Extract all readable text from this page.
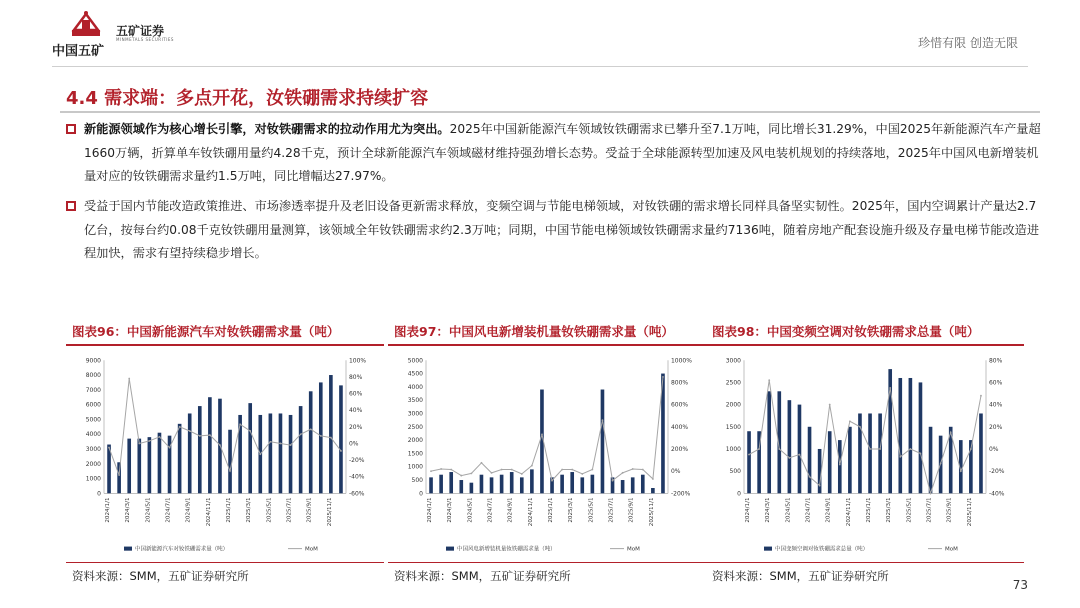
中国五矿
五矿证券
MINMETALS SECURITIES	珍惜有限 创造无限
4.4 需求端：多点开花，汝铁硼需求持续扩容
新能源领域作为核心增长引擎，对钕铁硼需求的拉动作用尤为突出。2025年中国新能源汽车领域钕铁硼需求已攀升至7.1万吨，同比增长31.29%，中国2025年新能源汽车产量超1660万辆，折算单车钕铁硼用量约4.28千克，预计全球新能源汽车领域磁材维持强劲增长态势。受益于全球能源转型加速及风电装机规划的持续落地，2025年中国风电新增装机量对应的钕铁硼需求量约1.5万吨，同比增幅达27.97%。
受益于国内节能改造政策推进、市场渗透率提升及老旧设备更新需求释放，变频空调与节能电梯领域，对钕铁硼的需求增长同样具备坚实韧性。2025年，国内空调累计产量达2.7亿台，按每台约0.08千克钕铁硼用量测算，该领域全年钕铁硼需求约2.3万吨；同期，中国节能电梯领域钕铁硼需求量约7136吨，随着房地产配套设施升级及存量电梯节能改造进程加快，需求有望持续稳步增长。
图表96：中国新能源汽车对钕铁硼需求量（吨）
0
1000
2000
3000
4000
5000
6000
7000
8000
9000
-60%
-40%
-20%
0%
20%
40%
60%
80%
100%
2024/1/1	2024/3/1	2024/5/1	2024/7/1	2024/9/1	2024/11/1	2025/1/1	2025/3/1	2025/5/1	2025/7/1	2025/9/1	2025/11/1
中国新能源汽车对钕铁硼需求量（吨）	MoM
资料来源：SMM，五矿证券研究所
图表97：中国风电新增装机量钕铁硼需求量（吨）
0
500
1000
1500
2000
2500
3000
3500
4000
4500
5000
-200%
0%
200%
400%
600%
800%
1000%
2024/1/1	2024/3/1	2024/5/1	2024/7/1	2024/9/1	2024/11/1	2025/1/1	2025/3/1	2025/5/1	2025/7/1	2025/9/1	2025/11/1
中国风电新增装机量钕铁硼需求量（吨）	MoM
资料来源：SMM，五矿证券研究所
图表98：中国变频空调对钕铁硼需求总量（吨）
0
500
1000
1500
2000
2500
3000
-40%
-20%
0%
20%
40%
60%
80%
2024/1/1	2024/3/1	2024/5/1	2024/7/1	2024/9/1	2024/11/1	2025/1/1	2025/3/1	2025/5/1	2025/7/1	2025/9/1	2025/11/1
中国变频空调对钕铁硼需求总量（吨）	MoM
资料来源：SMM，五矿证券研究所
73
